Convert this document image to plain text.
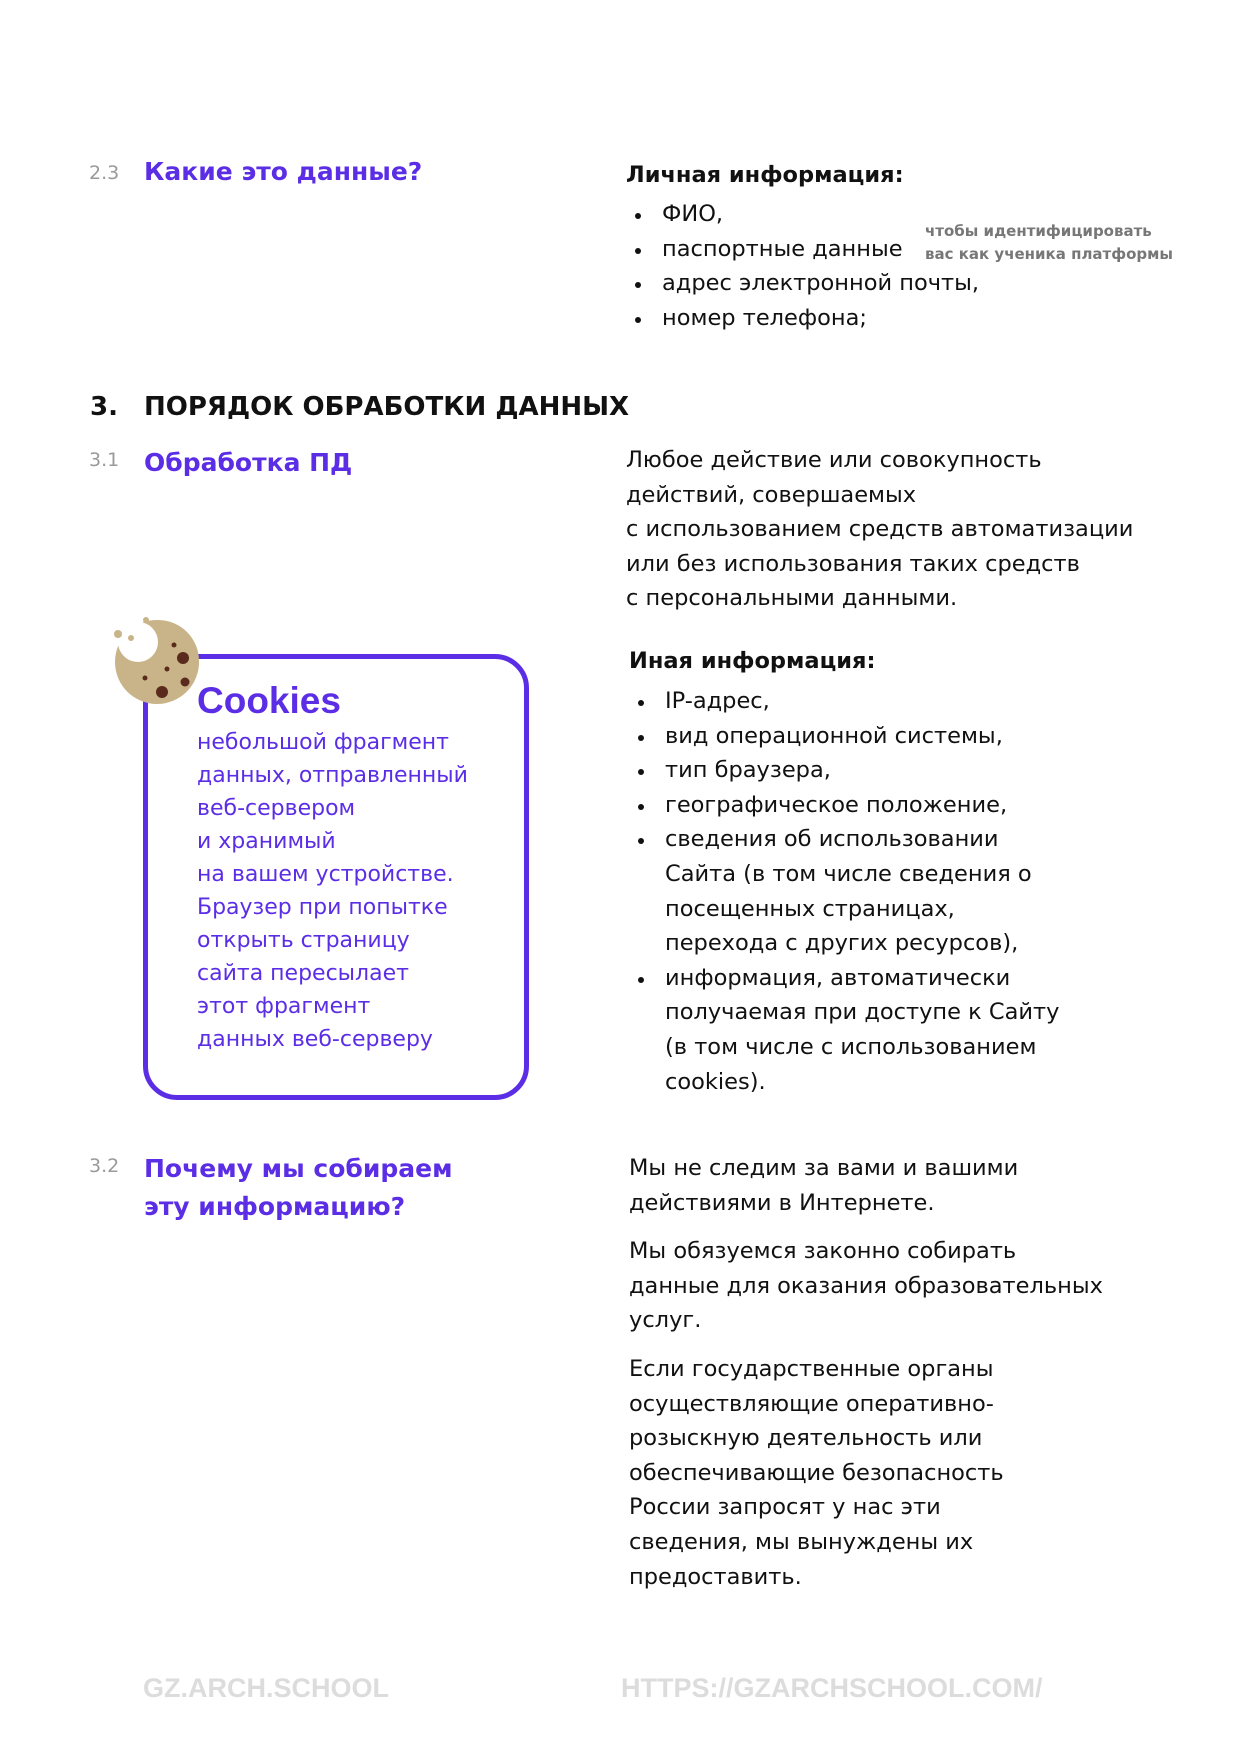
2.3 Какие это данные?	Личная информация:
ФИО,
паспортные данные
адрес электронной почты,
номер телефона;
чтобы идентифицировать
вас как ученика платформы
3. ПОРЯДОК ОБРАБОТКИ ДАННЫХ
3.1 Обработка ПД	Любое действие или совокупность
действий, совершаемых
с использованием средств автоматизации
или без использования таких средств
с персональными данными.
Иная информация:
IP-адрес,
вид операционной системы,
тип браузера,
географическое положение,
сведения об использовании Сайта (в том числе сведения о посещенных страницах, перехода с других ресурсов),
информация, автоматически получаемая при доступе к Сайту (в том числе с использованием cookies).
Cookies
небольшой фрагмент
данных, отправленный
веб-сервером
и хранимый
на вашем устройстве.
Браузер при попытке
открыть страницу
сайта пересылает
этот фрагмент
данных веб-серверу
3.2 Почему мы собираем
эту информацию?

Мы не следим за вами и вашими действиями в Интернете.

Мы обязуемся законно собирать данные для оказания образовательных услуг.

Если государственные органы осуществляющие оперативно-розыскную деятельность или обеспечивающие безопасность России запросят у нас эти сведения, мы вынуждены их предоставить.

GZ.ARCH.SCHOOL	HTTPS://GZARCHSCHOOL.COM/
